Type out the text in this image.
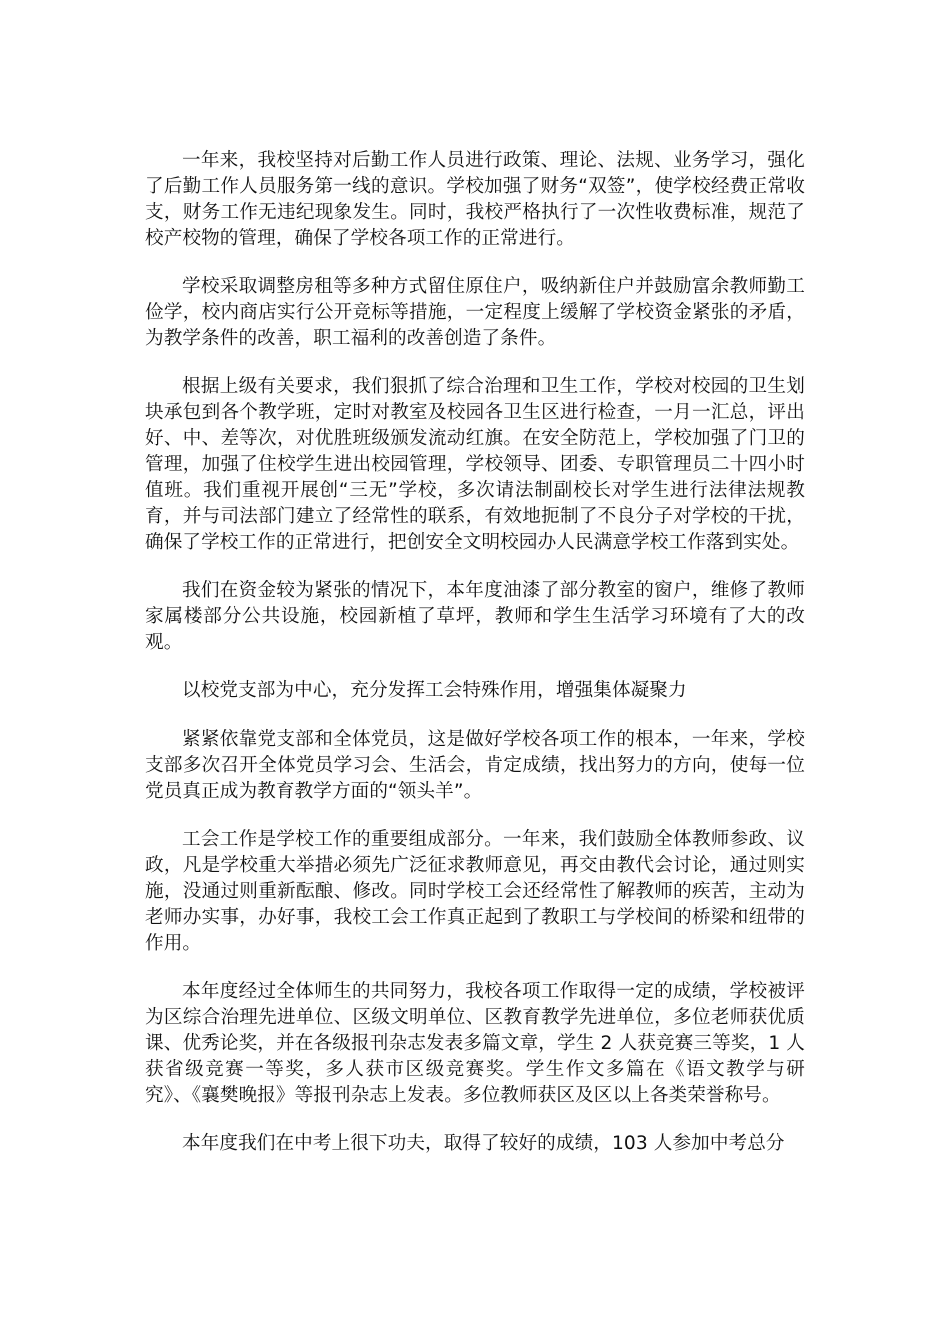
一年来，我校坚持对后勤工作人员进行政策、理论、法规、业务学习，强化了后勤工作人员服务第一线的意识。学校加强了财务“双签”，使学校经费正常收支，财务工作无违纪现象发生。同时，我校严格执行了一次性收费标准，规范了校产校物的管理，确保了学校各项工作的正常进行。

学校采取调整房租等多种方式留住原住户，吸纳新住户并鼓励富余教师勤工俭学，校内商店实行公开竞标等措施，一定程度上缓解了学校资金紧张的矛盾，为教学条件的改善，职工福利的改善创造了条件。

根据上级有关要求，我们狠抓了综合治理和卫生工作，学校对校园的卫生划块承包到各个教学班，定时对教室及校园各卫生区进行检查，一月一汇总，评出好、中、差等次，对优胜班级颁发流动红旗。在安全防范上，学校加强了门卫的管理，加强了住校学生进出校园管理，学校领导、团委、专职管理员二十四小时值班。我们重视开展创“三无”学校，多次请法制副校长对学生进行法律法规教育，并与司法部门建立了经常性的联系，有效地扼制了不良分子对学校的干扰，确保了学校工作的正常进行，把创安全文明校园办人民满意学校工作落到实处。

我们在资金较为紧张的情况下，本年度油漆了部分教室的窗户，维修了教师家属楼部分公共设施，校园新植了草坪，教师和学生生活学习环境有了大的改观。

以校党支部为中心，充分发挥工会特殊作用，增强集体凝聚力

紧紧依靠党支部和全体党员，这是做好学校各项工作的根本，一年来，学校支部多次召开全体党员学习会、生活会，肯定成绩，找出努力的方向，使每一位党员真正成为教育教学方面的“领头羊”。

工会工作是学校工作的重要组成部分。一年来，我们鼓励全体教师参政、议政，凡是学校重大举措必须先广泛征求教师意见，再交由教代会讨论，通过则实施，没通过则重新酝酿、修改。同时学校工会还经常性了解教师的疾苦，主动为老师办实事，办好事，我校工会工作真正起到了教职工与学校间的桥梁和纽带的作用。

本年度经过全体师生的共同努力，我校各项工作取得一定的成绩，学校被评为区综合治理先进单位、区级文明单位、区教育教学先进单位，多位老师获优质课、优秀论奖，并在各级报刊杂志发表多篇文章，学生 2 人获竞赛三等奖，1 人获省级竞赛一等奖，多人获市区级竞赛奖。学生作文多篇在《语文教学与研究》、《襄樊晚报》等报刊杂志上发表。多位教师获区及区以上各类荣誉称号。

本年度我们在中考上很下功夫，取得了较好的成绩，103 人参加中考总分
